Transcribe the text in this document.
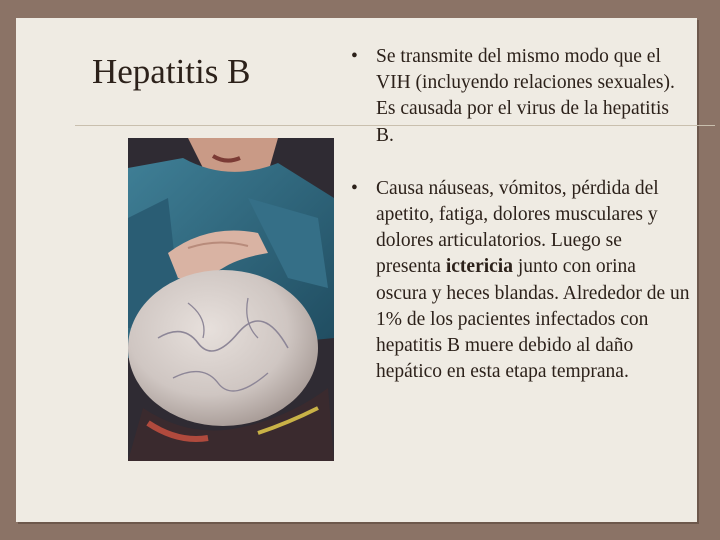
Hepatitis B	• Se transmite del mismo modo que el VIH (incluyendo relaciones sexuales). Es causada por el virus de la hepatitis B.
• Causa náuseas, vómitos, pérdida del apetito, fatiga, dolores musculares y dolores articulatorios. Luego se presenta ictericia junto con orina oscura y heces blandas. Alrededor de un 1% de los pacientes infectados con hepatitis B muere debido al daño hepático en esta etapa temprana.
